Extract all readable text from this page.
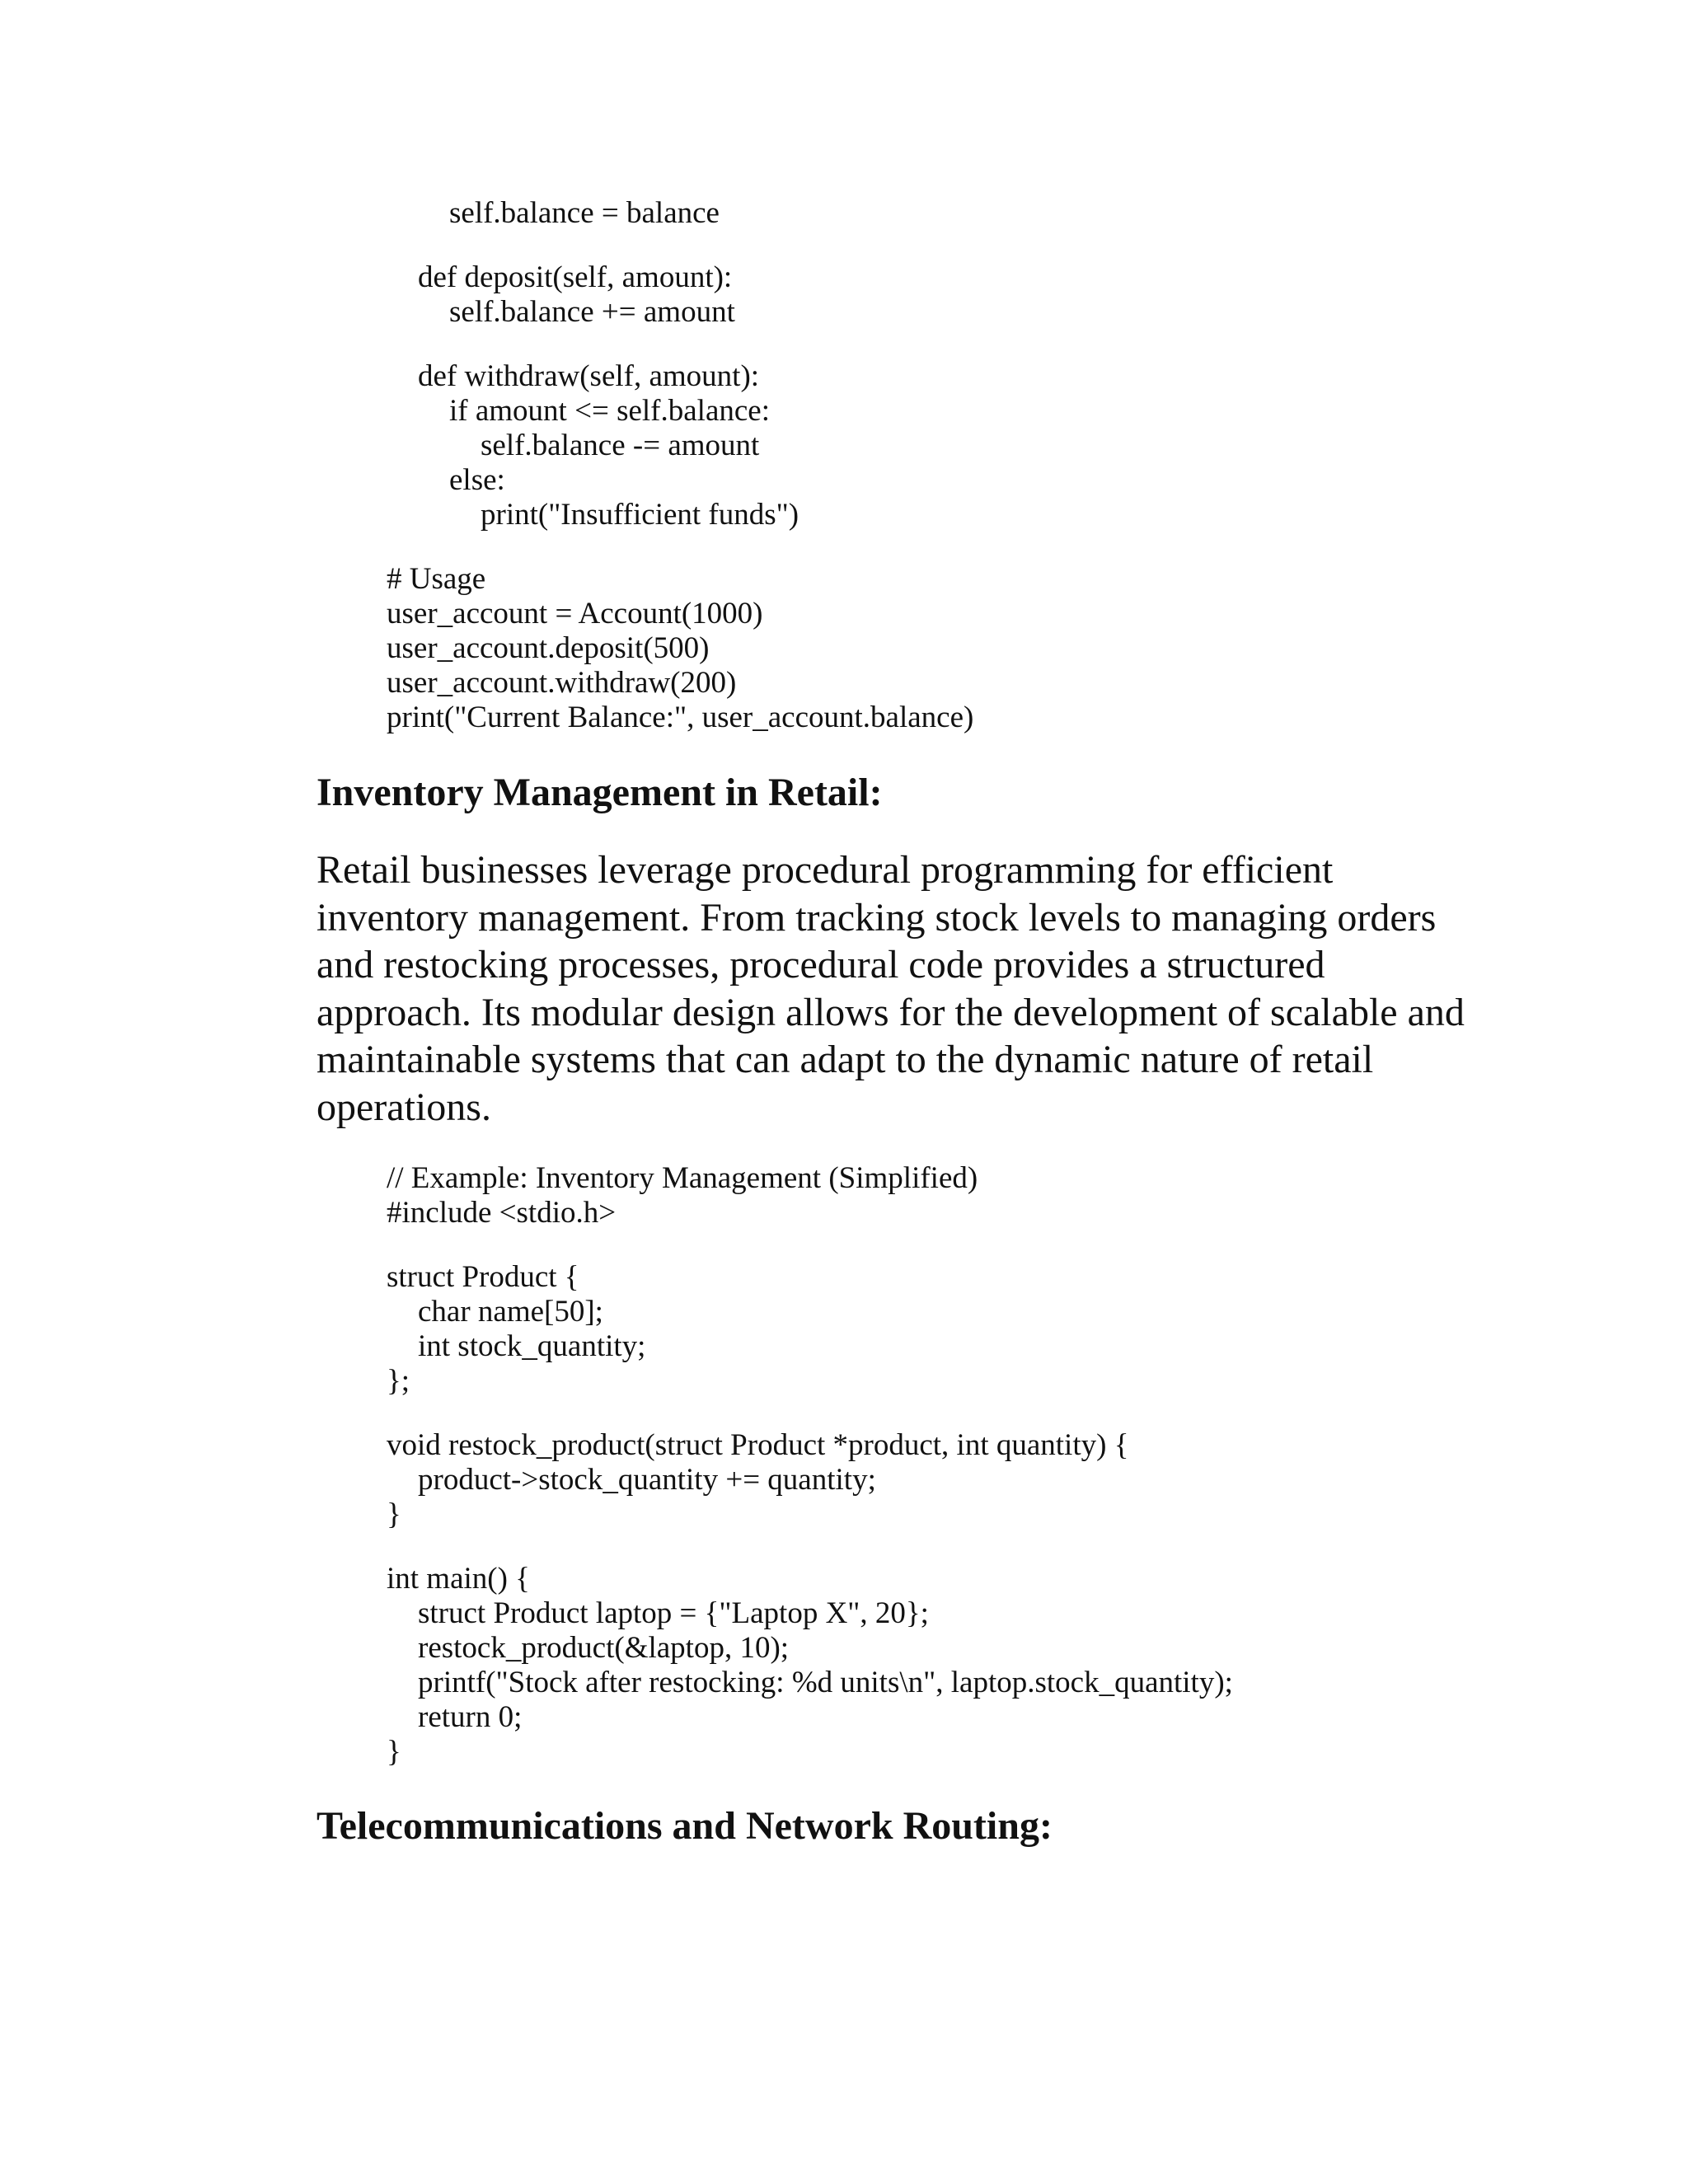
self.balance = balance
def deposit(self, amount):
self.balance += amount
def withdraw(self, amount):
if amount <= self.balance:
self.balance -= amount
else:
print("Insufficient funds")
# Usage
user_account = Account(1000)
user_account.deposit(500)
user_account.withdraw(200)
print("Current Balance:", user_account.balance)
Inventory Management in Retail:

Retail businesses leverage procedural programming for efficient inventory management. From tracking stock levels to managing orders and restocking processes, procedural code provides a structured approach. Its modular design allows for the development of scalable and maintainable systems that can adapt to the dynamic nature of retail operations.

// Example: Inventory Management (Simplified)
#include <stdio.h>
struct Product {
char name[50];
int stock_quantity;
};
void restock_product(struct Product *product, int quantity) {
product->stock_quantity += quantity;
}
int main() {
struct Product laptop = {"Laptop X", 20};
restock_product(&laptop, 10);
printf("Stock after restocking: %d units\n", laptop.stock_quantity);
return 0;
}
Telecommunications and Network Routing:
